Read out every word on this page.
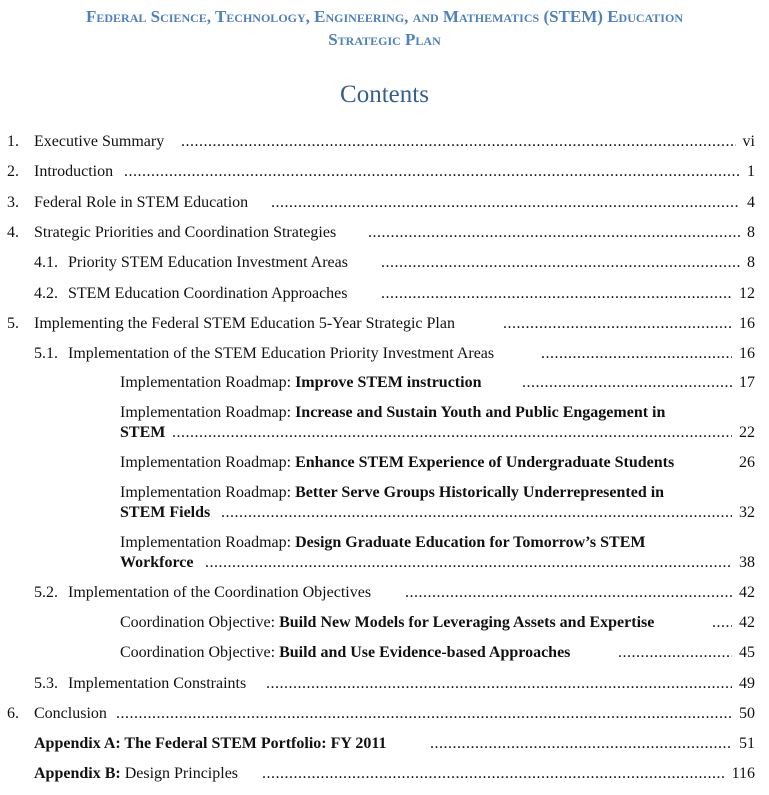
Federal Science, Technology, Engineering, and Mathematics (STEM) Education
Strategic Plan
Contents
1. Executive Summary .....	vi
2. Introduction .....	1
3. Federal Role in STEM Education .....	4
4. Strategic Priorities and Coordination Strategies .....	8
4.1. Priority STEM Education Investment Areas .....	8
4.2. STEM Education Coordination Approaches .....	12
5. Implementing the Federal STEM Education 5-Year Strategic Plan .....	16
5.1. Implementation of the STEM Education Priority Investment Areas .....	16
Implementation Roadmap: Improve STEM instruction .....	17
Implementation Roadmap: Increase and Sustain Youth and Public Engagement in
STEM .....	22
Implementation Roadmap: Enhance STEM Experience of Undergraduate Students	26
Implementation Roadmap: Better Serve Groups Historically Underrepresented in
STEM Fields .....	32
Implementation Roadmap: Design Graduate Education for Tomorrow’s STEM
Workforce .....	38
5.2. Implementation of the Coordination Objectives .....	42
Coordination Objective: Build New Models for Leveraging Assets and Expertise .....	42
Coordination Objective: Build and Use Evidence-based Approaches .....	45
5.3. Implementation Constraints .....	49
6. Conclusion .....	50
Appendix A: The Federal STEM Portfolio: FY 2011 .....	51
Appendix B: Design Principles .....	116
